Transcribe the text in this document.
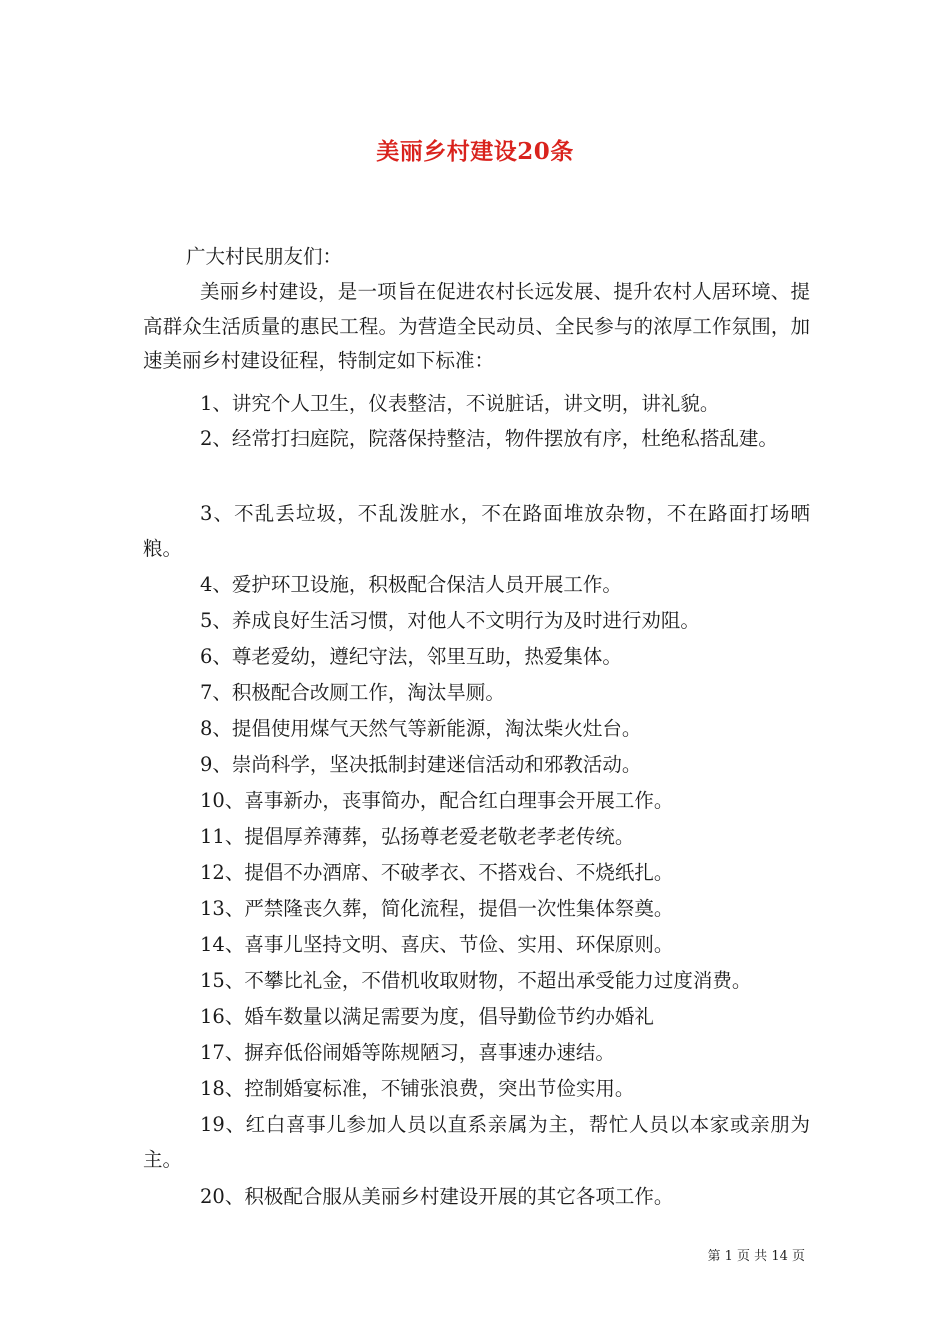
美丽乡村建设20条
广大村民朋友们：
美丽乡村建设，是一项旨在促进农村长远发展、提升农村人居环境、提高群众生活质量的惠民工程。为营造全民动员、全民参与的浓厚工作氛围，加速美丽乡村建设征程，特制定如下标准：
1、讲究个人卫生，仪表整洁，不说脏话，讲文明，讲礼貌。
2、经常打扫庭院，院落保持整洁，物件摆放有序，杜绝私搭乱建。
3、不乱丢垃圾，不乱泼脏水，不在路面堆放杂物，不在路面打场晒粮。
4、爱护环卫设施，积极配合保洁人员开展工作。
5、养成良好生活习惯，对他人不文明行为及时进行劝阻。
6、尊老爱幼，遵纪守法，邻里互助，热爱集体。
7、积极配合改厕工作，淘汰旱厕。
8、提倡使用煤气天然气等新能源，淘汰柴火灶台。
9、崇尚科学，坚决抵制封建迷信活动和邪教活动。
10、喜事新办，丧事简办，配合红白理事会开展工作。
11、提倡厚养薄葬，弘扬尊老爱老敬老孝老传统。
12、提倡不办酒席、不破孝衣、不搭戏台、不烧纸扎。
13、严禁隆丧久葬，简化流程，提倡一次性集体祭奠。
14、喜事儿坚持文明、喜庆、节俭、实用、环保原则。
15、不攀比礼金，不借机收取财物，不超出承受能力过度消费。
16、婚车数量以满足需要为度，倡导勤俭节约办婚礼
17、摒弃低俗闹婚等陈规陋习，喜事速办速结。
18、控制婚宴标准，不铺张浪费，突出节俭实用。
19、红白喜事儿参加人员以直系亲属为主，帮忙人员以本家或亲朋为主。
20、积极配合服从美丽乡村建设开展的其它各项工作。
第 1 页 共 14 页
